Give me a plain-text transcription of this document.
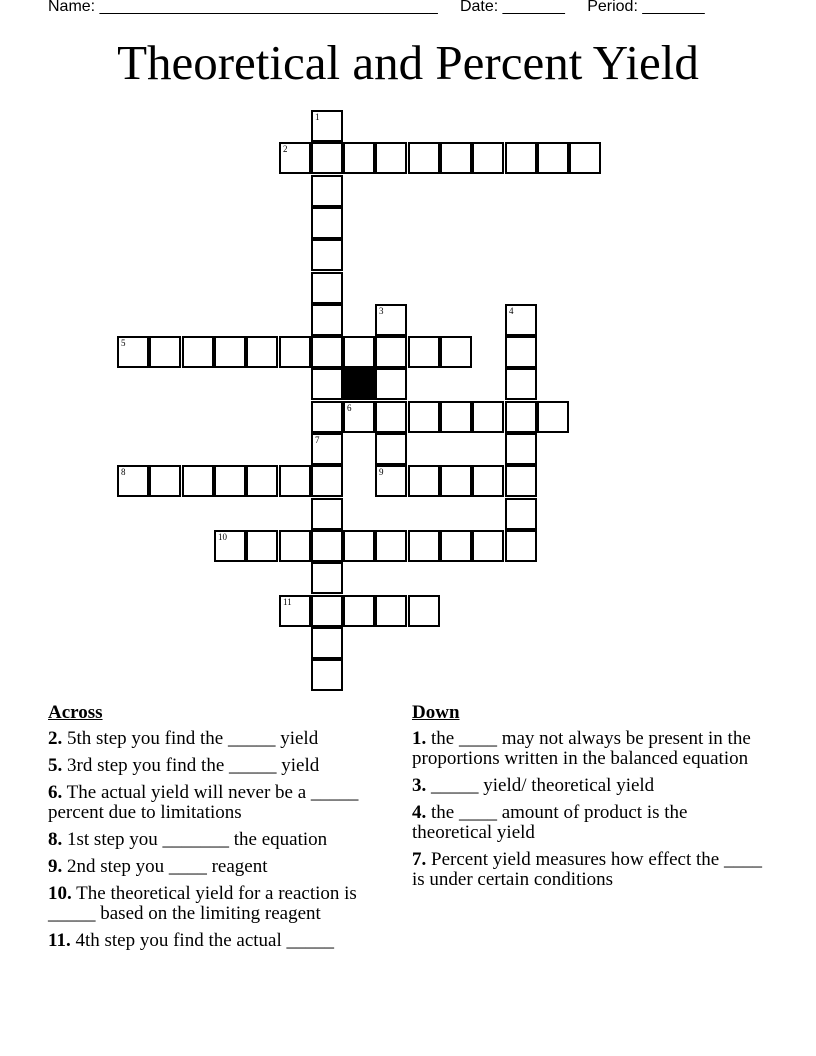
Name: ______________________________________ Date: _______ Period: _______
Theoretical and Percent Yield
1
7
2
3
9
4
5
6
8
10
11
Across
2. 5th step you find the _____ yield
5. 3rd step you find the _____ yield
6. The actual yield will never be a _____ percent due to limitations
8. 1st step you _______ the equation
9. 2nd step you ____ reagent
10. The theoretical yield for a reaction is _____ based on the limiting reagent
11. 4th step you find the actual _____
Down
1. the ____ may not always be present in the proportions written in the balanced equation
3. _____ yield/ theoretical yield
4. the ____ amount of product is the theoretical yield
7. Percent yield measures how effect the ____ is under certain conditions
